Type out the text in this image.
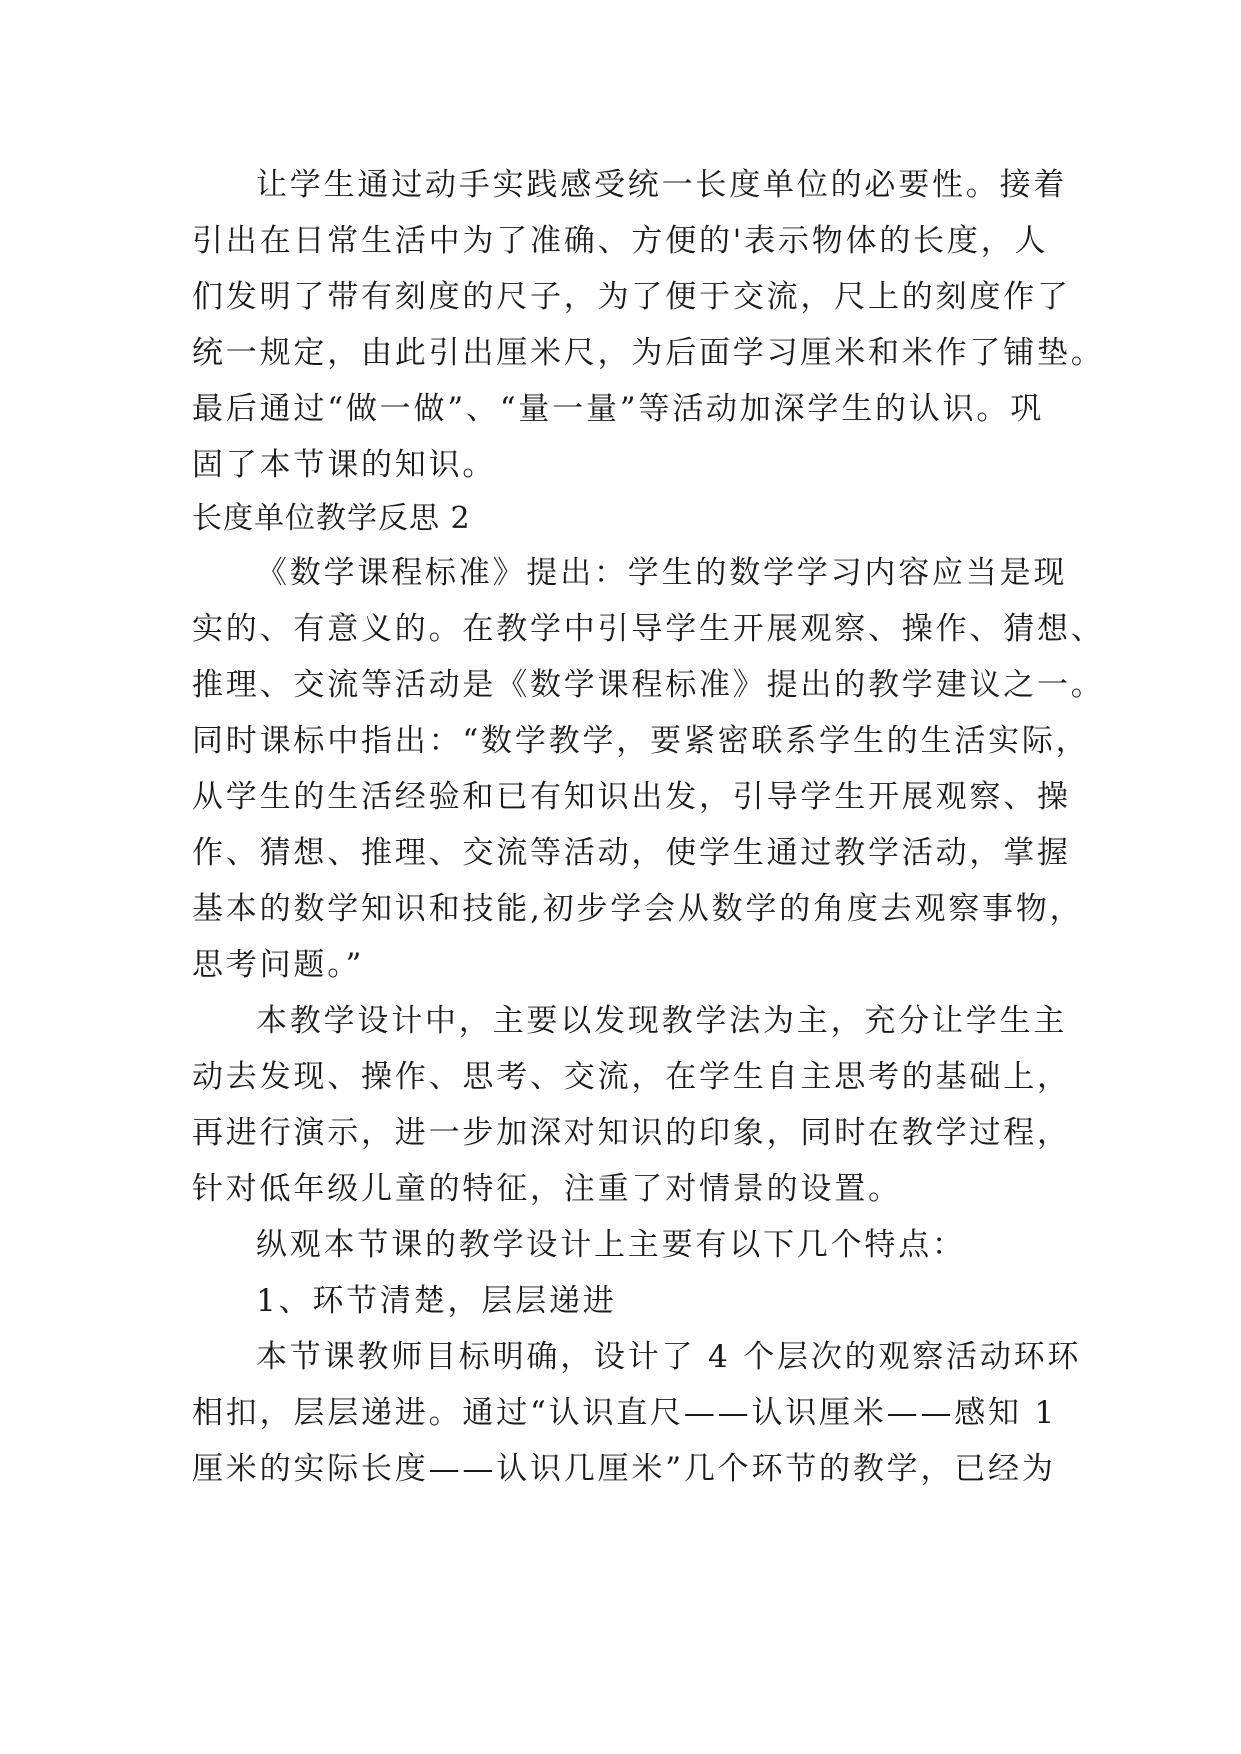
让学生通过动手实践感受统一长度单位的必要性。接着
引出在日常生活中为了准确、方便的'表示物体的长度，人
们发明了带有刻度的尺子，为了便于交流，尺上的刻度作了
统一规定，由此引出厘米尺，为后面学习厘米和米作了铺垫。
最后通过“做一做”、“量一量”等活动加深学生的认识。巩
固了本节课的知识。
长度单位教学反思 2
《数学课程标准》提出：学生的数学学习内容应当是现
实的、有意义的。在教学中引导学生开展观察、操作、猜想、
推理、交流等活动是《数学课程标准》提出的教学建议之一。
同时课标中指出：“数学教学，要紧密联系学生的生活实际，
从学生的生活经验和已有知识出发，引导学生开展观察、操
作、猜想、推理、交流等活动，使学生通过教学活动，掌握
基本的数学知识和技能,初步学会从数学的角度去观察事物，
思考问题。”
本教学设计中，主要以发现教学法为主，充分让学生主
动去发现、操作、思考、交流，在学生自主思考的基础上，
再进行演示，进一步加深对知识的印象，同时在教学过程，
针对低年级儿童的特征，注重了对情景的设置。
纵观本节课的教学设计上主要有以下几个特点：
1、环节清楚，层层递进
本节课教师目标明确，设计了 4 个层次的观察活动环环
相扣，层层递进。通过“认识直尺——认识厘米——感知 1
厘米的实际长度——认识几厘米”几个环节的教学，已经为
